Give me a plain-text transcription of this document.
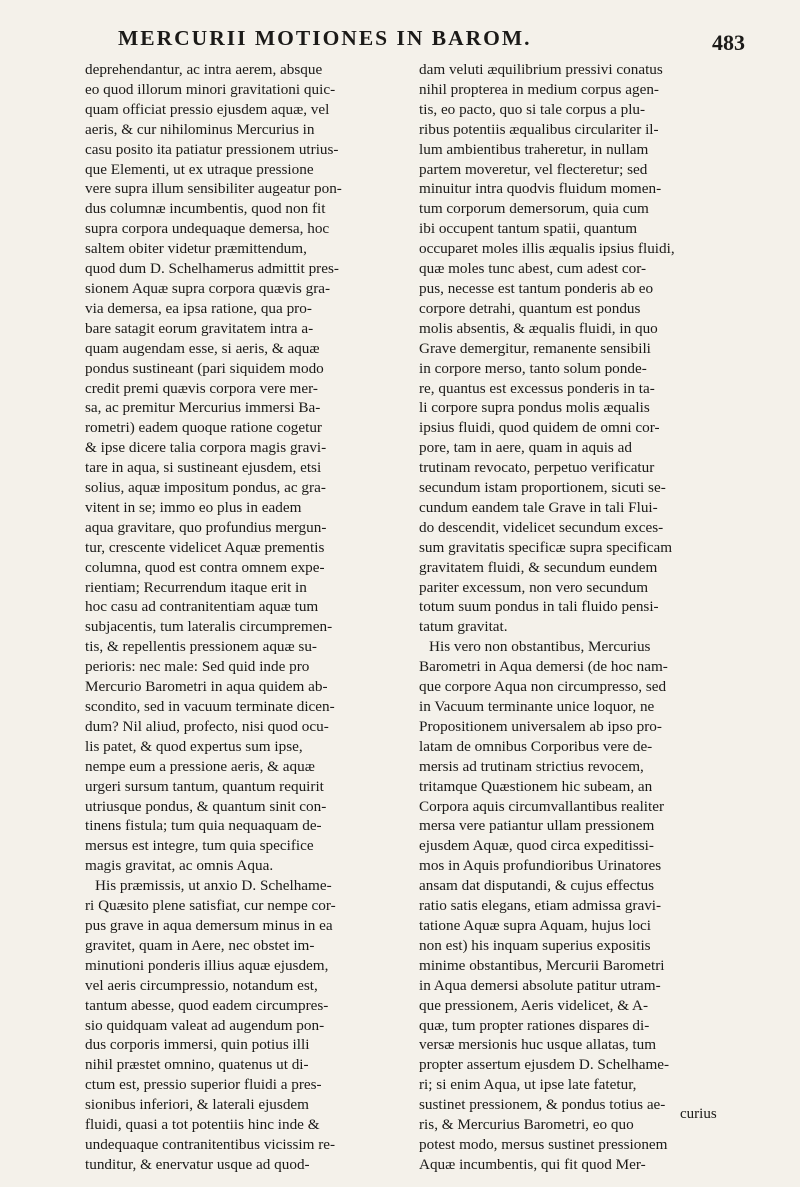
MERCURII MOTIONES IN BAROM.	483
deprehendantur, ac intra aerem, absque
eo quod illorum minori gravitationi quic-
quam officiat pressio ejusdem aquæ, vel
aeris, & cur nihilominus Mercurius in
casu posito ita patiatur pressionem utrius-
que Elementi, ut ex utraque pressione
vere supra illum sensibiliter augeatur pon-
dus columnæ incumbentis, quod non fit
supra corpora undequaque demersa, hoc
saltem obiter videtur præmittendum,
quod dum D. Schelhamerus admittit pres-
sionem Aquæ supra corpora quævis gra-
via demersa, ea ipsa ratione, qua pro-
bare satagit eorum gravitatem intra a-
quam augendam esse, si aeris, & aquæ
pondus sustineant (pari siquidem modo
credit premi quævis corpora vere mer-
sa, ac premitur Mercurius immersi Ba-
rometri) eadem quoque ratione cogetur
& ipse dicere talia corpora magis gravi-
tare in aqua, si sustineant ejusdem, etsi
solius, aquæ impositum pondus, ac gra-
vitent in se; immo eo plus in eadem
aqua gravitare, quo profundius mergun-
tur, crescente videlicet Aquæ prementis
columna, quod est contra omnem expe-
rientiam; Recurrendum itaque erit in
hoc casu ad contranitentiam aquæ tum
subjacentis, tum lateralis circumpremen-
tis, & repellentis pressionem aquæ su-
perioris: nec male: Sed quid inde pro
Mercurio Barometri in aqua quidem ab-
scondito, sed in vacuum terminate dicen-
dum? Nil aliud, profecto, nisi quod ocu-
lis patet, & quod expertus sum ipse,
nempe eum a pressione aeris, & aquæ
urgeri sursum tantum, quantum requirit
utriusque pondus, & quantum sinit con-
tinens fistula; tum quia nequaquam de-
mersus est integre, tum quia specifice
magis gravitat, ac omnis Aqua.
His præmissis, ut anxio D. Schelhame-
ri Quæsito plene satisfiat, cur nempe cor-
pus grave in aqua demersum minus in ea
gravitet, quam in Aere, nec obstet im-
minutioni ponderis illius aquæ ejusdem,
vel aeris circumpressio, notandum est,
tantum abesse, quod eadem circumpres-
sio quidquam valeat ad augendum pon-
dus corporis immersi, quin potius illi
nihil præstet omnino, quatenus ut di-
ctum est, pressio superior fluidi a pres-
sionibus inferiori, & laterali ejusdem
fluidi, quasi a tot potentiis hinc inde &
undequaque contranitentibus vicissim re-
tunditur, & enervatur usque ad quod-
dam veluti æquilibrium pressivi conatus
nihil propterea in medium corpus agen-
tis, eo pacto, quo si tale corpus a plu-
ribus potentiis æqualibus circulariter il-
lum ambientibus traheretur, in nullam
partem moveretur, vel flecteretur; sed
minuitur intra quodvis fluidum momen-
tum corporum demersorum, quia cum
ibi occupent tantum spatii, quantum
occuparet moles illis æqualis ipsius fluidi,
quæ moles tunc abest, cum adest cor-
pus, necesse est tantum ponderis ab eo
corpore detrahi, quantum est pondus
molis absentis, & æqualis fluidi, in quo
Grave demergitur, remanente sensibili
in corpore merso, tanto solum ponde-
re, quantus est excessus ponderis in ta-
li corpore supra pondus molis æqualis
ipsius fluidi, quod quidem de omni cor-
pore, tam in aere, quam in aquis ad
trutinam revocato, perpetuo verificatur
secundum istam proportionem, sicuti se-
cundum eandem tale Grave in tali Flui-
do descendit, videlicet secundum exces-
sum gravitatis specificæ supra specificam
gravitatem fluidi, & secundum eundem
pariter excessum, non vero secundum
totum suum pondus in tali fluido pensi-
tatum gravitat.
His vero non obstantibus, Mercurius
Barometri in Aqua demersi (de hoc nam-
que corpore Aqua non circumpresso, sed
in Vacuum terminante unice loquor, ne
Propositionem universalem ab ipso pro-
latam de omnibus Corporibus vere de-
mersis ad trutinam strictius revocem,
tritamque Quæstionem hic subeam, an
Corpora aquis circumvallantibus realiter
mersa vere patiantur ullam pressionem
ejusdem Aquæ, quod circa expeditissi-
mos in Aquis profundioribus Urinatores
ansam dat disputandi, & cujus effectus
ratio satis elegans, etiam admissa gravi-
tatione Aquæ supra Aquam, hujus loci
non est) his inquam superius expositis
minime obstantibus, Mercurii Barometri
in Aqua demersi absolute patitur utram-
que pressionem, Aeris videlicet, & A-
quæ, tum propter rationes dispares di-
versæ mersionis huc usque allatas, tum
propter assertum ejusdem D. Schelhame-
ri; si enim Aqua, ut ipse late fatetur,
sustinet pressionem, & pondus totius ae-
ris, & Mercurius Barometri, eo quo
potest modo, mersus sustinet pressionem
Aquæ incumbentis, qui fit quod Mer-
curius
